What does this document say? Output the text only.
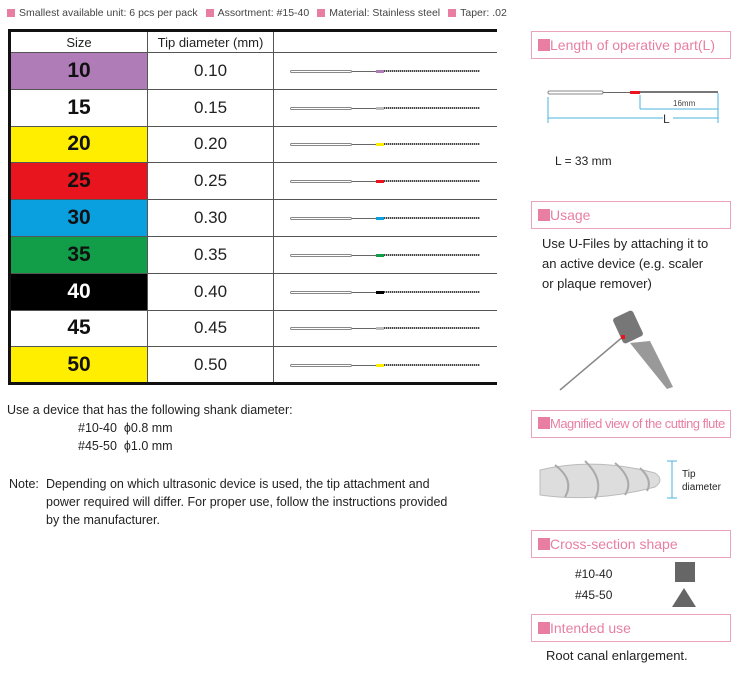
Smallest available unit: 6 pcs per pack	Assortment: #15-40	Material: Stainless steel	Taper: .02
Size	Tip diameter (mm)	
10	0.10	

15	0.15	

20	0.20	

25	0.25	

30	0.30	

35	0.35	

40	0.40	

45	0.45	

50	0.50	
Use a device that has the following shank diameter:
#10-40 ϕ0.8 mm
#45-50 ϕ1.0 mm
Note: Depending on which ultrasonic device is used, the tip attachment and
power required will differ. For proper use, follow the instructions provided
by the manufacturer.
Length of operative part(L)
16mm
L
L = 33 mm
Usage
Use U-Files by attaching it to
an active device (e.g. scaler
or plaque remover)
Magnified view of the cutting flute
Tip
diameter
Cross-section shape
#10-40
#45-50
Intended use
Root canal enlargement.
